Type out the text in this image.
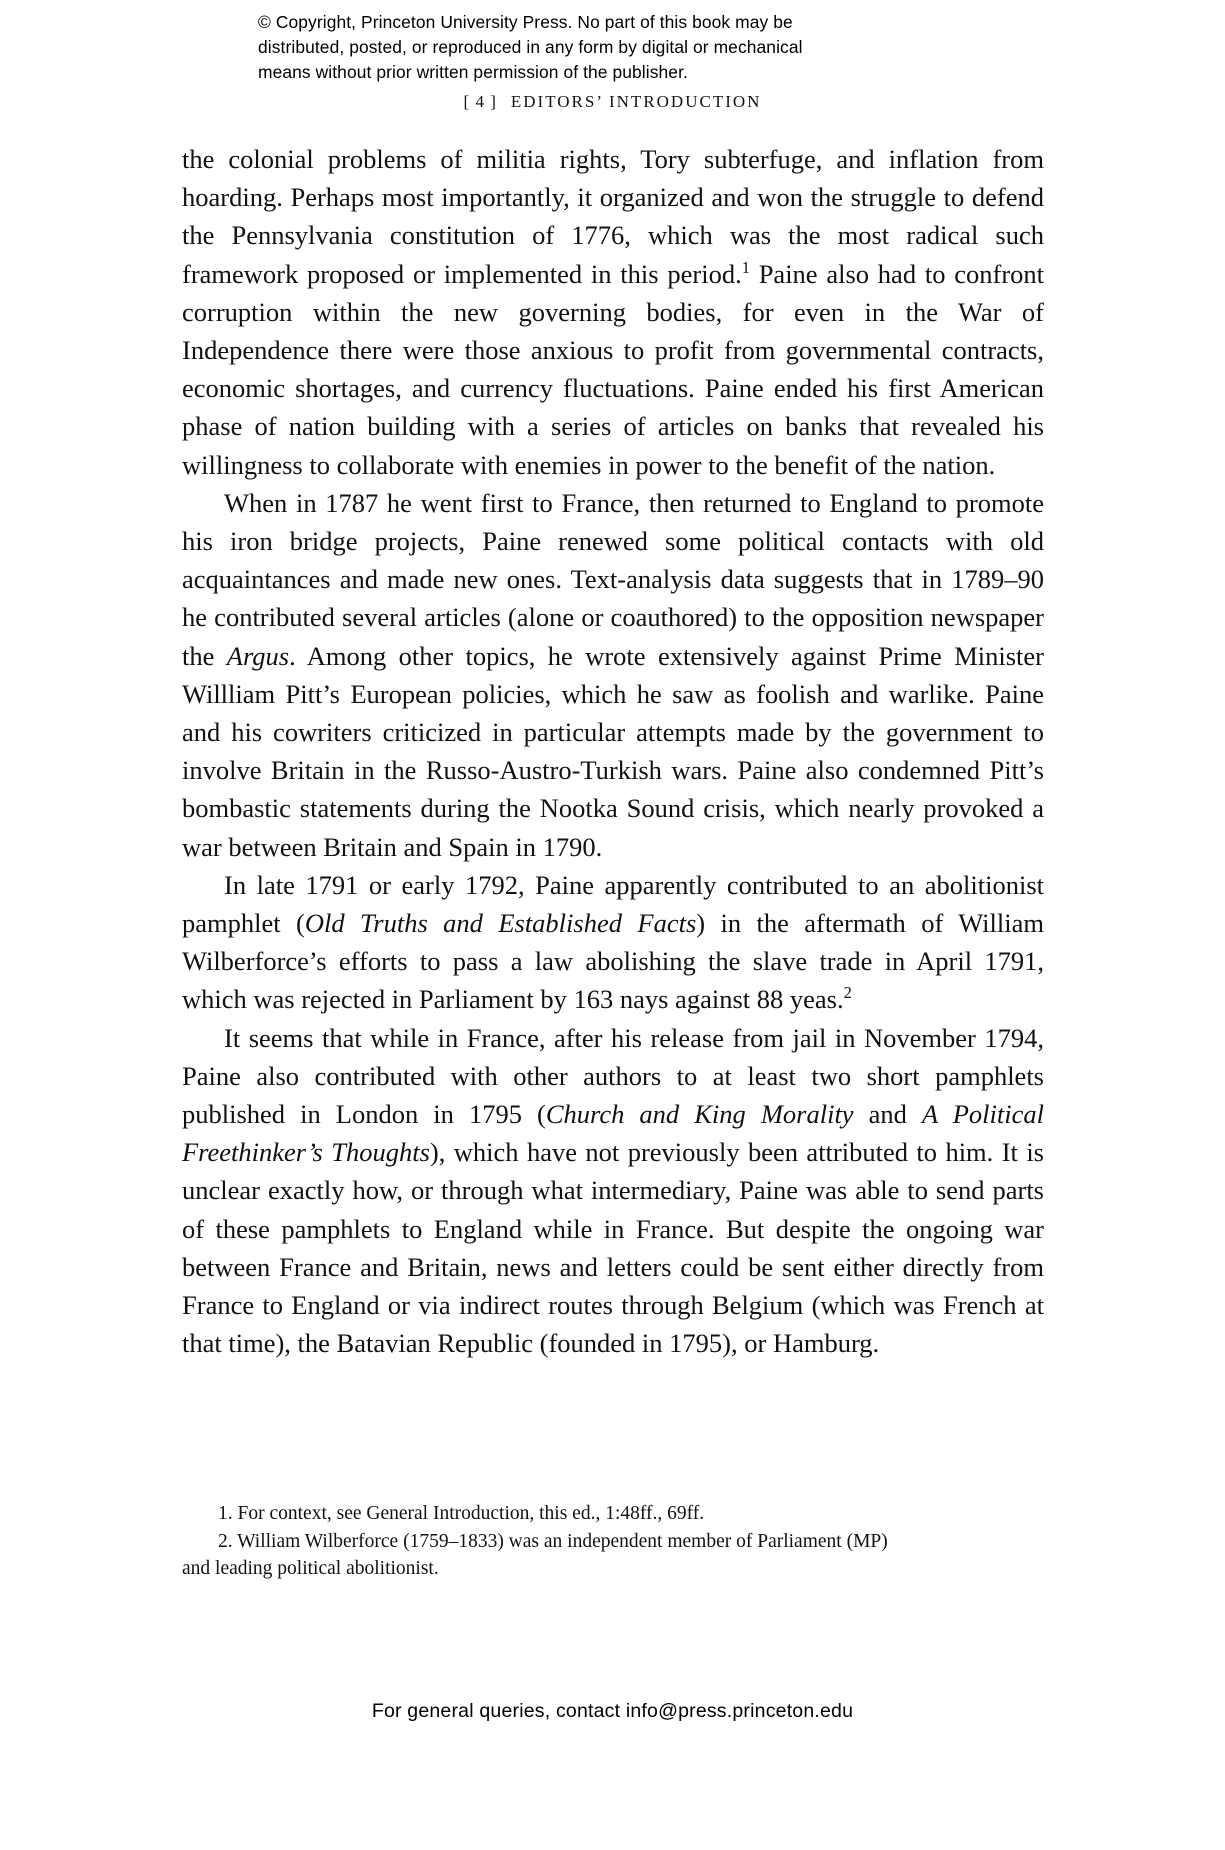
© Copyright, Princeton University Press. No part of this book may be
distributed, posted, or reproduced in any form by digital or mechanical
means without prior written permission of the publisher.
[ 4 ] EDITORS’ INTRODUCTION

the colonial problems of militia rights, Tory subterfuge, and inflation from hoarding. Perhaps most importantly, it organized and won the struggle to defend the Pennsylvania constitution of 1776, which was the most radical such framework proposed or implemented in this period.$^1$ Paine also had to confront corruption within the new governing bodies, for even in the War of Independence there were those anxious to profit from governmental contracts, economic shortages, and currency fluctuations. Paine ended his first American phase of nation building with a series of articles on banks that revealed his willingness to collaborate with enemies in power to the benefit of the nation.

When in 1787 he went first to France, then returned to England to promote his iron bridge projects, Paine renewed some political contacts with old acquaintances and made new ones. Text-analysis data suggests that in 1789–90 he contributed several articles (alone or coauthored) to the opposition newspaper the Argus. Among other topics, he wrote extensively against Prime Minister Willliam Pitt’s European policies, which he saw as foolish and warlike. Paine and his cowriters criticized in particular attempts made by the government to involve Britain in the Russo-Austro-Turkish wars. Paine also condemned Pitt’s bombastic statements during the Nootka Sound crisis, which nearly provoked a war between Britain and Spain in 1790.

In late 1791 or early 1792, Paine apparently contributed to an abolitionist pamphlet (Old Truths and Established Facts) in the aftermath of William Wilberforce’s efforts to pass a law abolishing the slave trade in April 1791, which was rejected in Parliament by 163 nays against 88 yeas.$^2$

It seems that while in France, after his release from jail in November 1794, Paine also contributed with other authors to at least two short pamphlets published in London in 1795 (Church and King Morality and A Political Freethinker’s Thoughts), which have not previously been attributed to him. It is unclear exactly how, or through what intermediary, Paine was able to send parts of these pamphlets to England while in France. But despite the ongoing war between France and Britain, news and letters could be sent either directly from France to England or via indirect routes through Belgium (which was French at that time), the Batavian Republic (founded in 1795), or Hamburg.

1. For context, see General Introduction, this ed., 1:48ff., 69ff.

2. William Wilberforce (1759–1833) was an independent member of Parliament (MP)

and leading political abolitionist.

For general queries, contact info@press.princeton.edu
